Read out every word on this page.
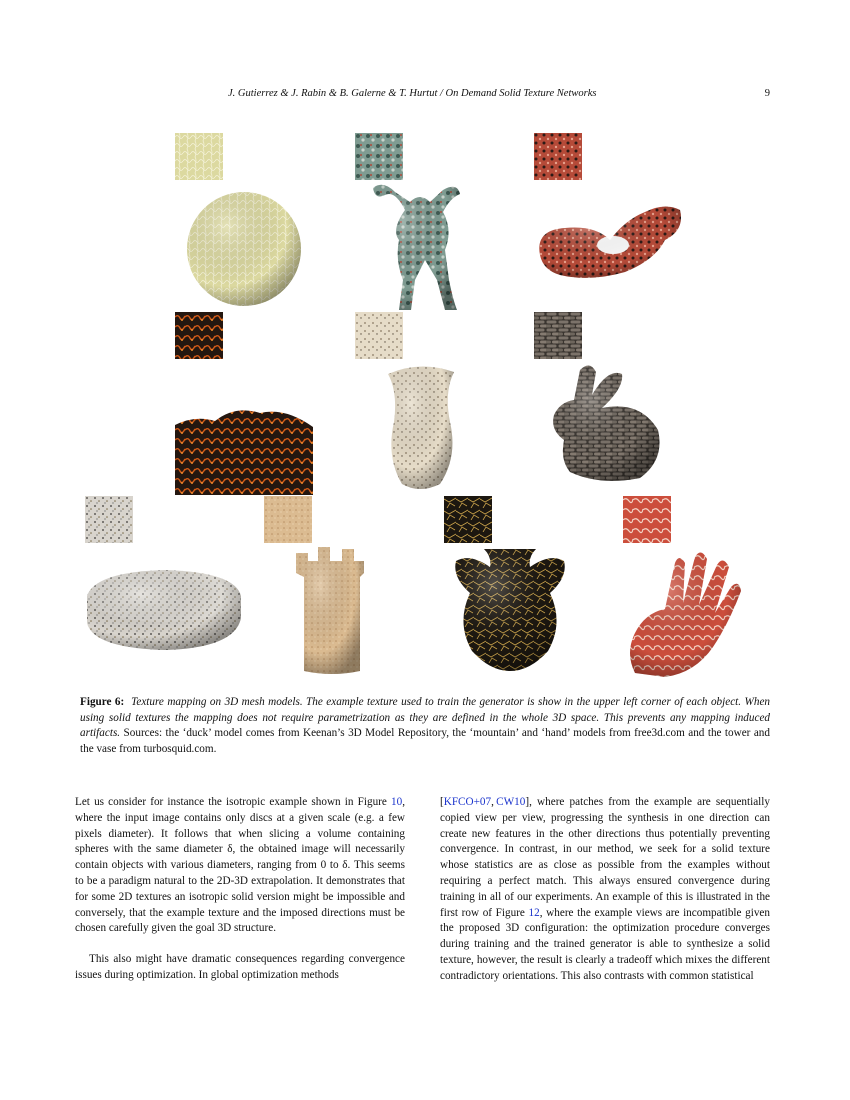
J. Gutierrez & J. Rabin & B. Galerne & T. Hurtut / On Demand Solid Texture Networks	9
Figure 6: Texture mapping on 3D mesh models. The example texture used to train the generator is show in the upper left corner of each object. When using solid textures the mapping does not require parametrization as they are defined in the whole 3D space. This prevents any mapping induced artifacts. Sources: the ‘duck’ model comes from Keenan’s 3D Model Repository, the ‘mountain’ and ‘hand’ models from free3d.com and the tower and the vase from turbosquid.com.

Let us consider for instance the isotropic example shown in Figure 10, where the input image contains only discs at a given scale (e.g. a few pixels diameter). It follows that when slicing a volume containing spheres with the same diameter δ, the obtained image will necessarily contain objects with various diameters, ranging from 0 to δ. This seems to be a paradigm natural to the 2D-3D extrapolation. It demonstrates that for some 2D textures an isotropic solid version might be impossible and conversely, that the example texture and the imposed directions must be chosen carefully given the goal 3D structure.

This also might have dramatic consequences regarding convergence issues during optimization. In global optimization methods

[KFCO+07, CW10], where patches from the example are sequentially copied view per view, progressing the synthesis in one direction can create new features in the other directions thus potentially preventing convergence. In contrast, in our method, we seek for a solid texture whose statistics are as close as possible from the examples without requiring a perfect match. This always ensured convergence during training in all of our experiments. An example of this is illustrated in the first row of Figure 12, where the example views are incompatible given the proposed 3D configuration: the optimization procedure converges during training and the trained generator is able to synthesize a solid texture, however, the result is clearly a tradeoff which mixes the different contradictory orientations. This also contrasts with common statistical
